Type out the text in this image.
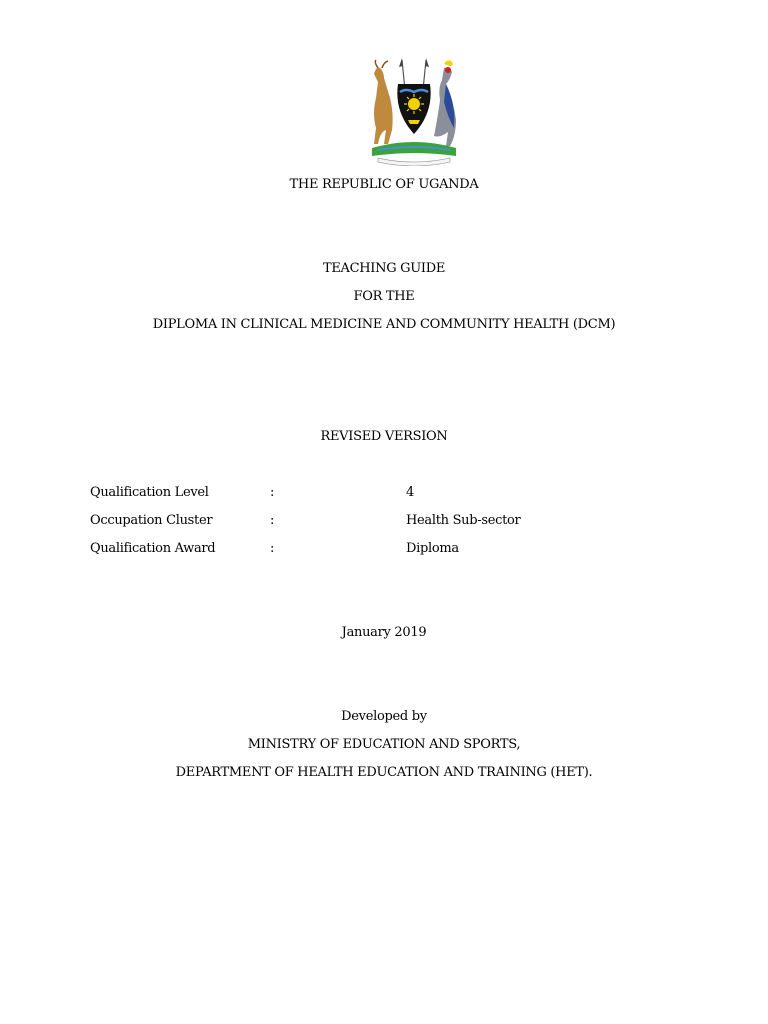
THE REPUBLIC OF UGANDA
TEACHING GUIDE
FOR THE
DIPLOMA IN CLINICAL MEDICINE AND COMMUNITY HEALTH (DCM)
REVISED VERSION
Qualification Level	:	4
Occupation Cluster	:	Health Sub-sector
Qualification Award	:	Diploma
January 2019
Developed by
MINISTRY OF EDUCATION AND SPORTS,
DEPARTMENT OF HEALTH EDUCATION AND TRAINING (HET).
